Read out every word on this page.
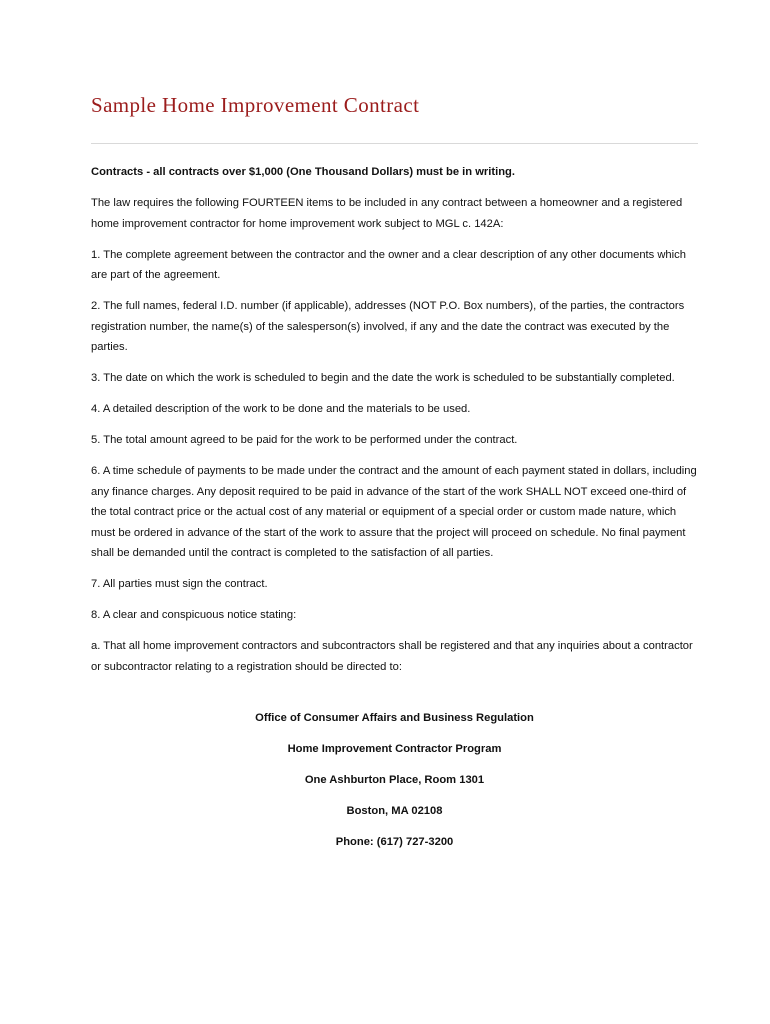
Sample Home Improvement Contract

Contracts - all contracts over $1,000 (One Thousand Dollars) must be in writing.

The law requires the following FOURTEEN items to be included in any contract between a homeowner and a registered home improvement contractor for home improvement work subject to MGL c. 142A:

1. The complete agreement between the contractor and the owner and a clear description of any other documents which are part of the agreement.

2. The full names, federal I.D. number (if applicable), addresses (NOT P.O. Box numbers), of the parties, the contractors registration number, the name(s) of the salesperson(s) involved, if any and the date the contract was executed by the parties.

3. The date on which the work is scheduled to begin and the date the work is scheduled to be substantially completed.

4. A detailed description of the work to be done and the materials to be used.

5. The total amount agreed to be paid for the work to be performed under the contract.

6. A time schedule of payments to be made under the contract and the amount of each payment stated in dollars, including any finance charges. Any deposit required to be paid in advance of the start of the work SHALL NOT exceed one-third of the total contract price or the actual cost of any material or equipment of a special order or custom made nature, which must be ordered in advance of the start of the work to assure that the project will proceed on schedule. No final payment shall be demanded until the contract is completed to the satisfaction of all parties.

7. All parties must sign the contract.

8. A clear and conspicuous notice stating:

a. That all home improvement contractors and subcontractors shall be registered and that any inquiries about a contractor or subcontractor relating to a registration should be directed to:

Office of Consumer Affairs and Business Regulation

Home Improvement Contractor Program

One Ashburton Place, Room 1301

Boston, MA 02108

Phone: (617) 727-3200
